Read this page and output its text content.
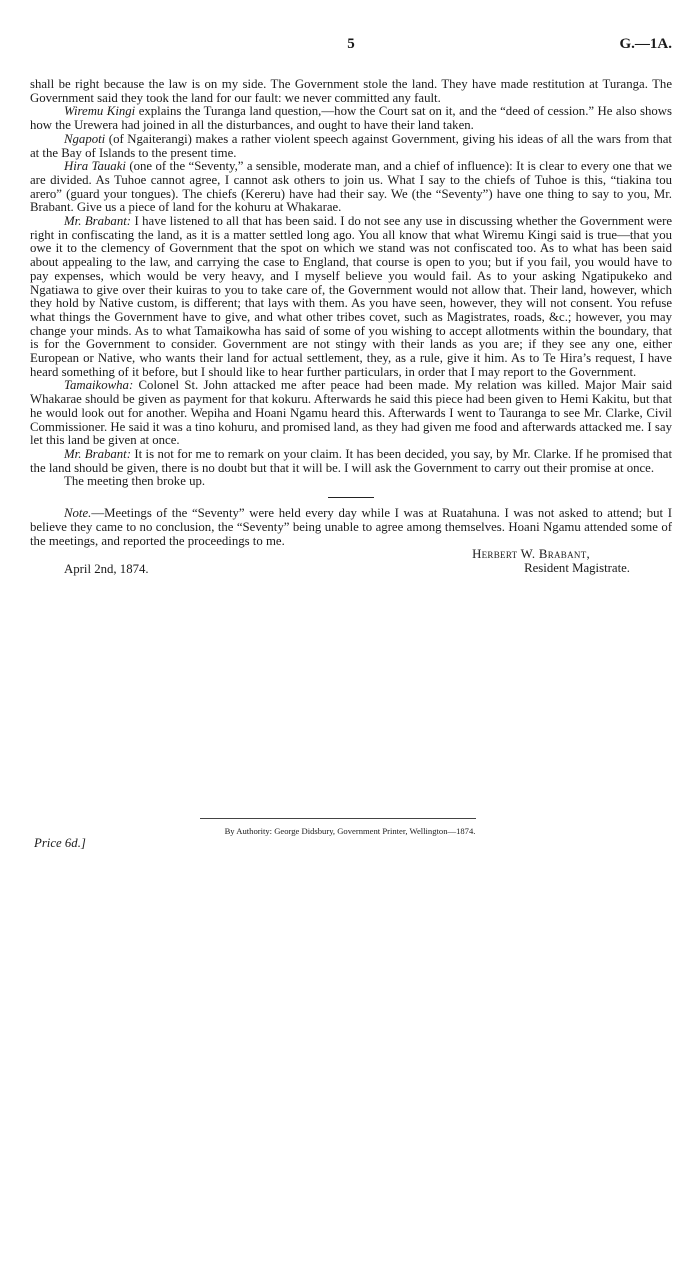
5	G.—1A.

shall be right because the law is on my side. The Government stole the land. They have made restitution at Turanga. The Government said they took the land for our fault: we never committed any fault.

Wiremu Kingi explains the Turanga land question,—how the Court sat on it, and the “deed of cession.” He also shows how the Urewera had joined in all the disturbances, and ought to have their land taken.

Ngapoti (of Ngaiterangi) makes a rather violent speech against Government, giving his ideas of all the wars from that at the Bay of Islands to the present time.

Hira Tauaki (one of the “Seventy,” a sensible, moderate man, and a chief of influence): It is clear to every one that we are divided. As Tuhoe cannot agree, I cannot ask others to join us. What I say to the chiefs of Tuhoe is this, “tiakina tou arero” (guard your tongues). The chiefs (Kereru) have had their say. We (the “Seventy”) have one thing to say to you, Mr. Brabant. Give us a piece of land for the kohuru at Whakarae.

Mr. Brabant: I have listened to all that has been said. I do not see any use in discussing whether the Government were right in confiscating the land, as it is a matter settled long ago. You all know that what Wiremu Kingi said is true—that you owe it to the clemency of Government that the spot on which we stand was not confiscated too. As to what has been said about appealing to the law, and carrying the case to England, that course is open to you; but if you fail, you would have to pay expenses, which would be very heavy, and I myself believe you would fail. As to your asking Ngatipukeko and Ngatiawa to give over their kuiras to you to take care of, the Government would not allow that. Their land, however, which they hold by Native custom, is different; that lays with them. As you have seen, however, they will not consent. You refuse what things the Government have to give, and what other tribes covet, such as Magistrates, roads, &c.; however, you may change your minds. As to what Tamaikowha has said of some of you wishing to accept allotments within the boundary, that is for the Government to consider. Government are not stingy with their lands as you are; if they see any one, either European or Native, who wants their land for actual settlement, they, as a rule, give it him. As to Te Hira’s request, I have heard something of it before, but I should like to hear further particulars, in order that I may report to the Government.

Tamaikowha: Colonel St. John attacked me after peace had been made. My relation was killed. Major Mair said Whakarae should be given as payment for that kokuru. Afterwards he said this piece had been given to Hemi Kakitu, but that he would look out for another. Wepiha and Hoani Ngamu heard this. Afterwards I went to Tauranga to see Mr. Clarke, Civil Commissioner. He said it was a tino kohuru, and promised land, as they had given me food and afterwards attacked me. I say let this land be given at once.

Mr. Brabant: It is not for me to remark on your claim. It has been decided, you say, by Mr. Clarke. If he promised that the land should be given, there is no doubt but that it will be. I will ask the Government to carry out their promise at once.

The meeting then broke up.

Note.—Meetings of the “Seventy” were held every day while I was at Ruatahuna. I was not asked to attend; but I believe they came to no conclusion, the “Seventy” being unable to agree among themselves. Hoani Ngamu attended some of the meetings, and reported the proceedings to me.

April 2nd, 1874.
Herbert W. Brabant,
Resident Magistrate.
By Authority: George Didsbury, Government Printer, Wellington—1874.
Price 6d.]
